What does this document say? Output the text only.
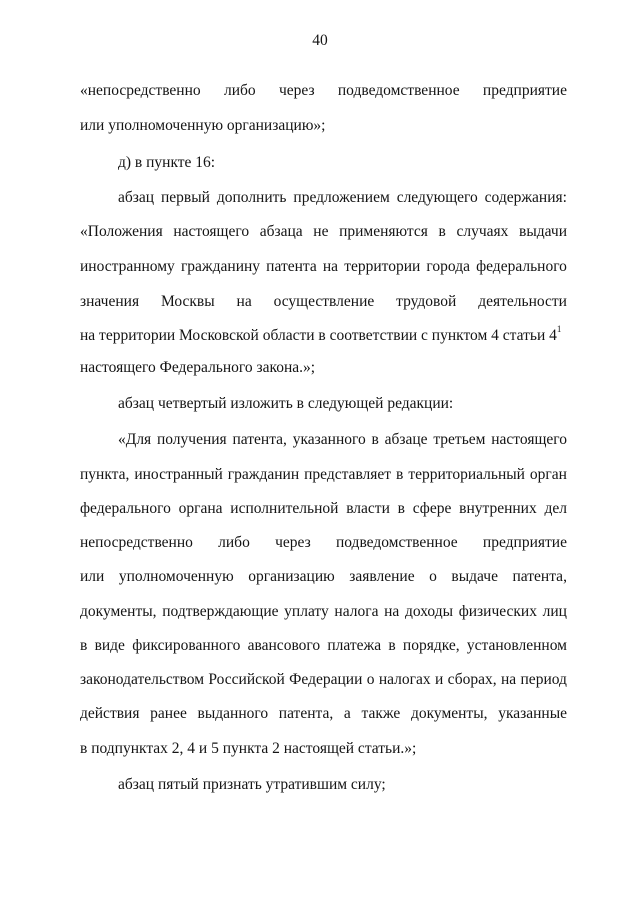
40
«непосредственно либо через подведомственное предприятие
или уполномоченную организацию»;
д) в пункте 16:
абзац первый дополнить предложением следующего содержания:
«Положения настоящего абзаца не применяются в случаях выдачи
иностранному гражданину патента на территории города федерального
значения Москвы на осуществление трудовой деятельности
на территории Московской области в соответствии с пунктом 4 статьи $4^1$
настоящего Федерального закона.»;
абзац четвертый изложить в следующей редакции:
«Для получения патента, указанного в абзаце третьем настоящего
пункта, иностранный гражданин представляет в территориальный орган
федерального органа исполнительной власти в сфере внутренних дел
непосредственно либо через подведомственное предприятие
или уполномоченную организацию заявление о выдаче патента,
документы, подтверждающие уплату налога на доходы физических лиц
в виде фиксированного авансового платежа в порядке, установленном
законодательством Российской Федерации о налогах и сборах, на период
действия ранее выданного патента, а также документы, указанные
в подпунктах 2, 4 и 5 пункта 2 настоящей статьи.»;
абзац пятый признать утратившим силу;
